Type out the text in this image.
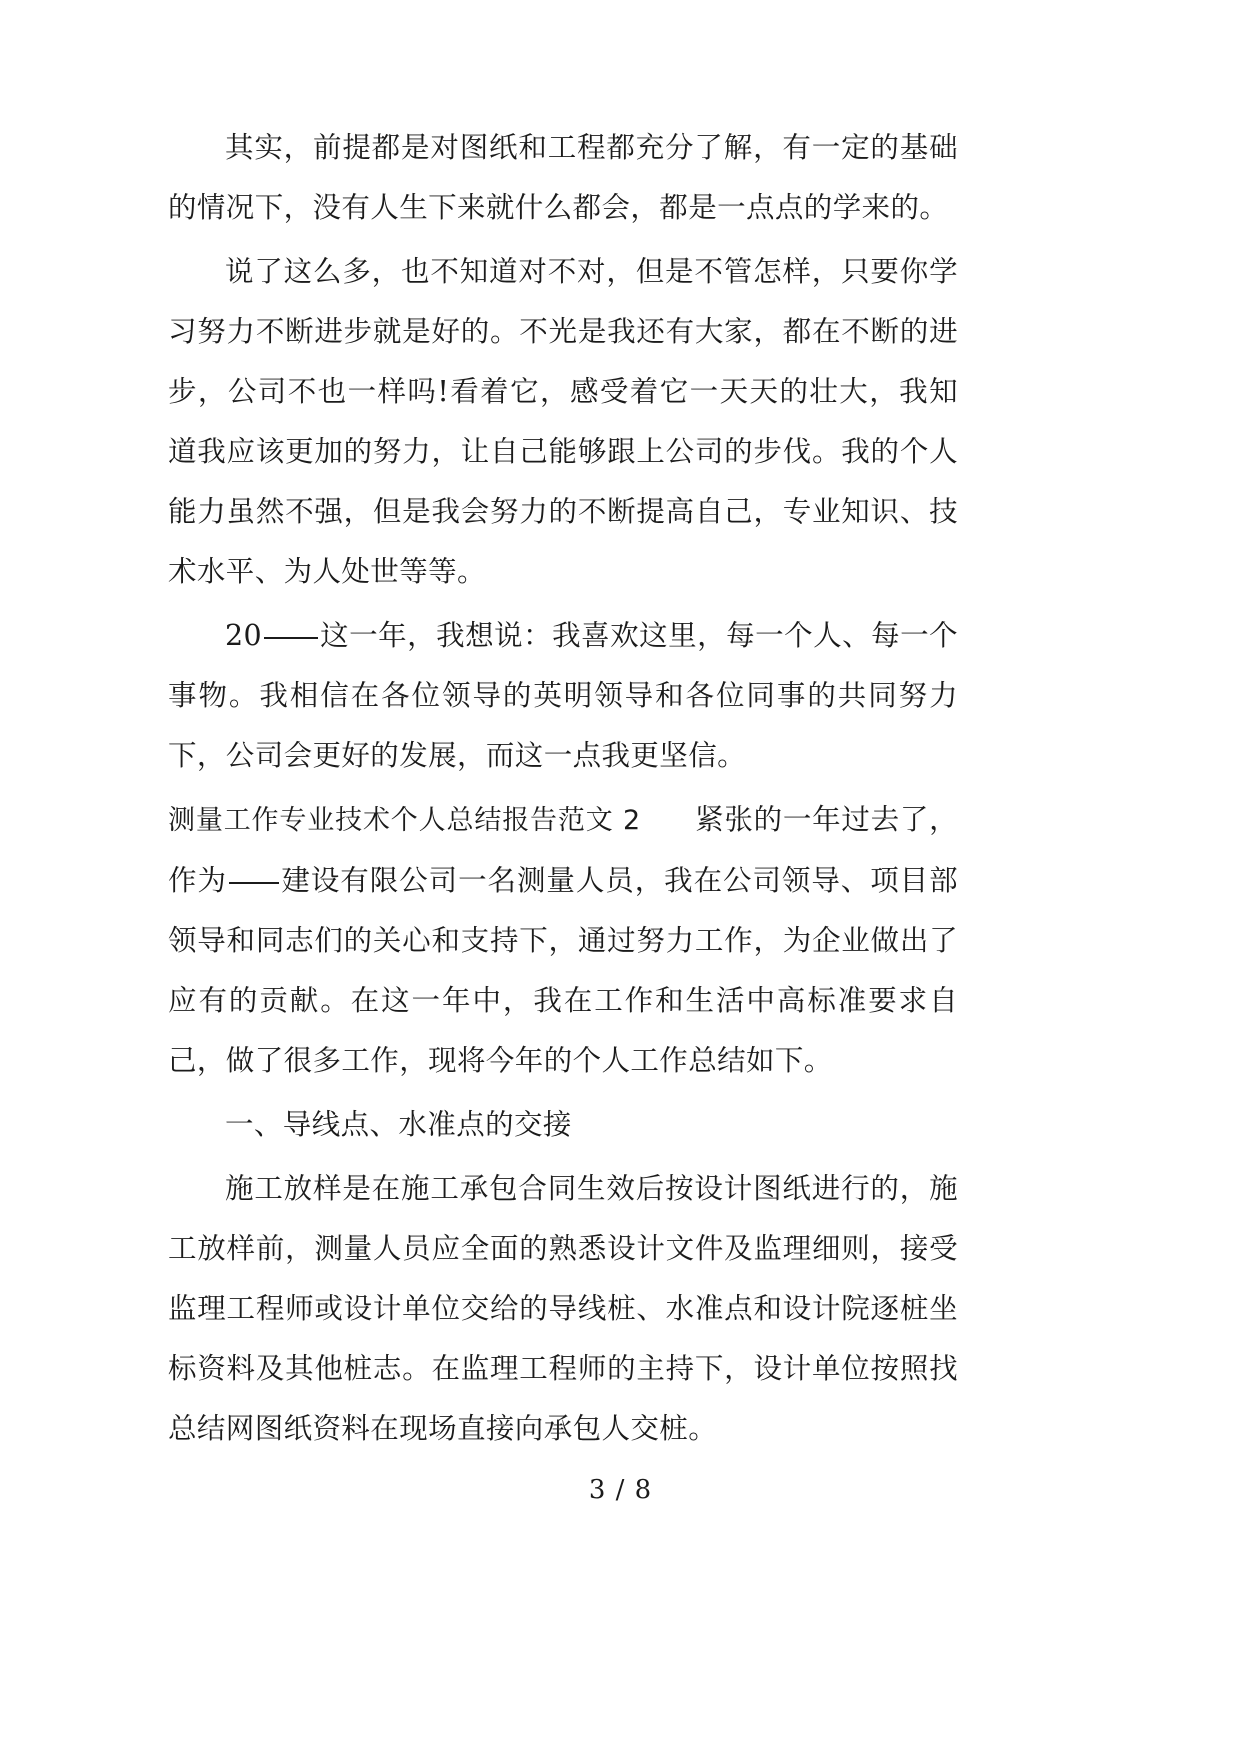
其实，前提都是对图纸和工程都充分了解，有一定的基础的情况下，没有人生下来就什么都会，都是一点点的学来的。

说了这么多，也不知道对不对，但是不管怎样，只要你学习努力不断进步就是好的。不光是我还有大家，都在不断的进步，公司不也一样吗!看着它，感受着它一天天的壮大，我知道我应该更加的努力，让自己能够跟上公司的步伐。我的个人能力虽然不强，但是我会努力的不断提高自己，专业知识、技术水平、为人处世等等。

20 这一年，我想说：我喜欢这里，每一个人、每一个事物。我相信在各位领导的英明领导和各位同事的共同努力下，公司会更好的发展，而这一点我更坚信。

测量工作专业技术个人总结报告范文 2 紧张的一年过去了，作为 建设有限公司一名测量人员，我在公司领导、项目部领导和同志们的关心和支持下，通过努力工作，为企业做出了应有的贡献。在这一年中，我在工作和生活中高标准要求自己，做了很多工作，现将今年的个人工作总结如下。

一、导线点、水准点的交接

施工放样是在施工承包合同生效后按设计图纸进行的，施工放样前，测量人员应全面的熟悉设计文件及监理细则，接受监理工程师或设计单位交给的导线桩、水准点和设计院逐桩坐标资料及其他桩志。在监理工程师的主持下，设计单位按照找总结网图纸资料在现场直接向承包人交桩。

3 / 8
